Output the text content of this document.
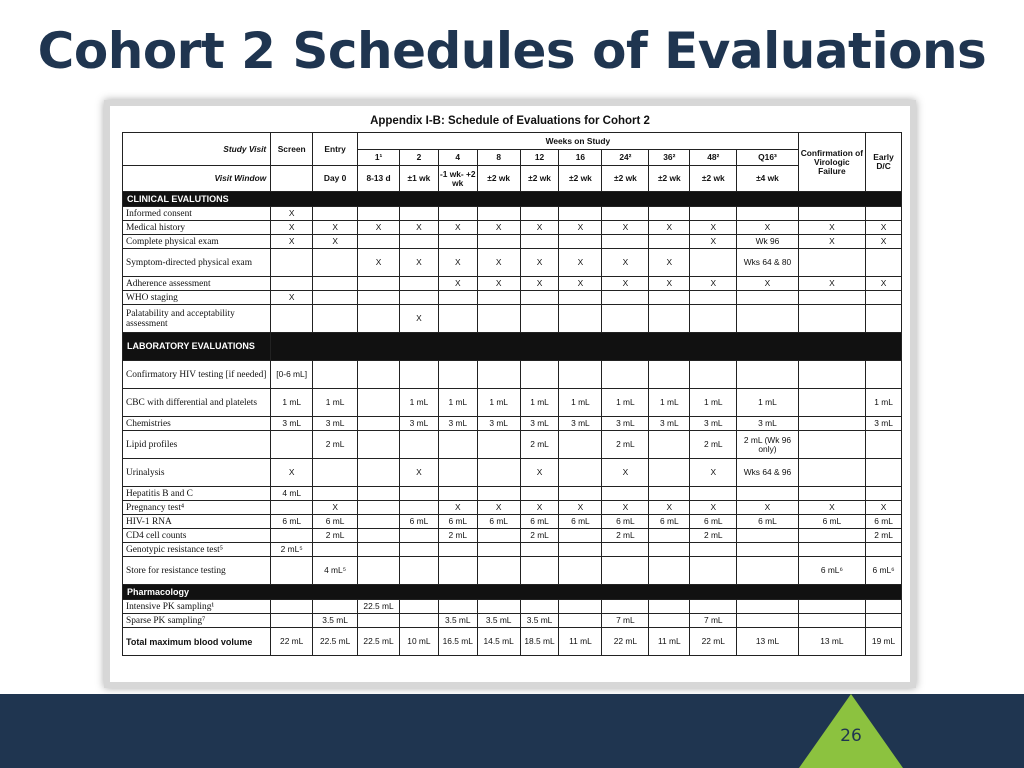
Cohort 2 Schedules of Evaluations
Appendix I-B: Schedule of Evaluations for Cohort 2
Study Visit	Screen	Entry	Weeks on Study										Confirmation of Virologic Failure	Early D/C
			1¹	2	4	8	12	16	24²	36²	48²	Q16³		
Visit Window		Day 0	8-13 d	±1 wk	-1 wk- +2 wk	±2 wk	±2 wk	±2 wk	±2 wk	±2 wk	±2 wk	±4 wk		
CLINICAL EVALUTIONS														
Informed consent	X													
Medical history	X	X	X	X	X	X	X	X	X	X	X	X	X	X
Complete physical exam	X	X									X	Wk 96	X	X
Symptom-directed physical exam			X	X	X	X	X	X	X	X		Wks 64 & 80		
Adherence assessment					X	X	X	X	X	X	X	X	X	X
WHO staging	X													
Palatability and acceptability assessment				X										
LABORATORY EVALUATIONS														
Confirmatory HIV testing [if needed]	[0-6 mL]													
CBC with differential and platelets	1 mL	1 mL		1 mL	1 mL	1 mL	1 mL	1 mL	1 mL	1 mL	1 mL	1 mL		1 mL
Chemistries	3 mL	3 mL		3 mL	3 mL	3 mL	3 mL	3 mL	3 mL	3 mL	3 mL	3 mL		3 mL
Lipid profiles		2 mL					2 mL		2 mL		2 mL	2 mL (Wk 96 only)		
Urinalysis	X			X			X		X		X	Wks 64 & 96		
Hepatitis B and C	4 mL													
Pregnancy test⁴		X			X	X	X	X	X	X	X	X	X	X
HIV-1 RNA	6 mL	6 mL		6 mL	6 mL	6 mL	6 mL	6 mL	6 mL	6 mL	6 mL	6 mL	6 mL	6 mL
CD4 cell counts		2 mL			2 mL		2 mL		2 mL		2 mL			2 mL
Genotypic resistance test⁵	2 mL⁵													
Store for resistance testing		4 mL⁵											6 mL⁶	6 mL⁶
Pharmacology														
Intensive PK sampling¹			22.5 mL											
Sparse PK sampling⁷		3.5 mL			3.5 mL	3.5 mL	3.5 mL		7 mL		7 mL			
Total maximum blood volume	22 mL	22.5 mL	22.5 mL	10 mL	16.5 mL	14.5 mL	18.5 mL	11 mL	22 mL	11 mL	22 mL	13 mL	13 mL	19 mL
26
